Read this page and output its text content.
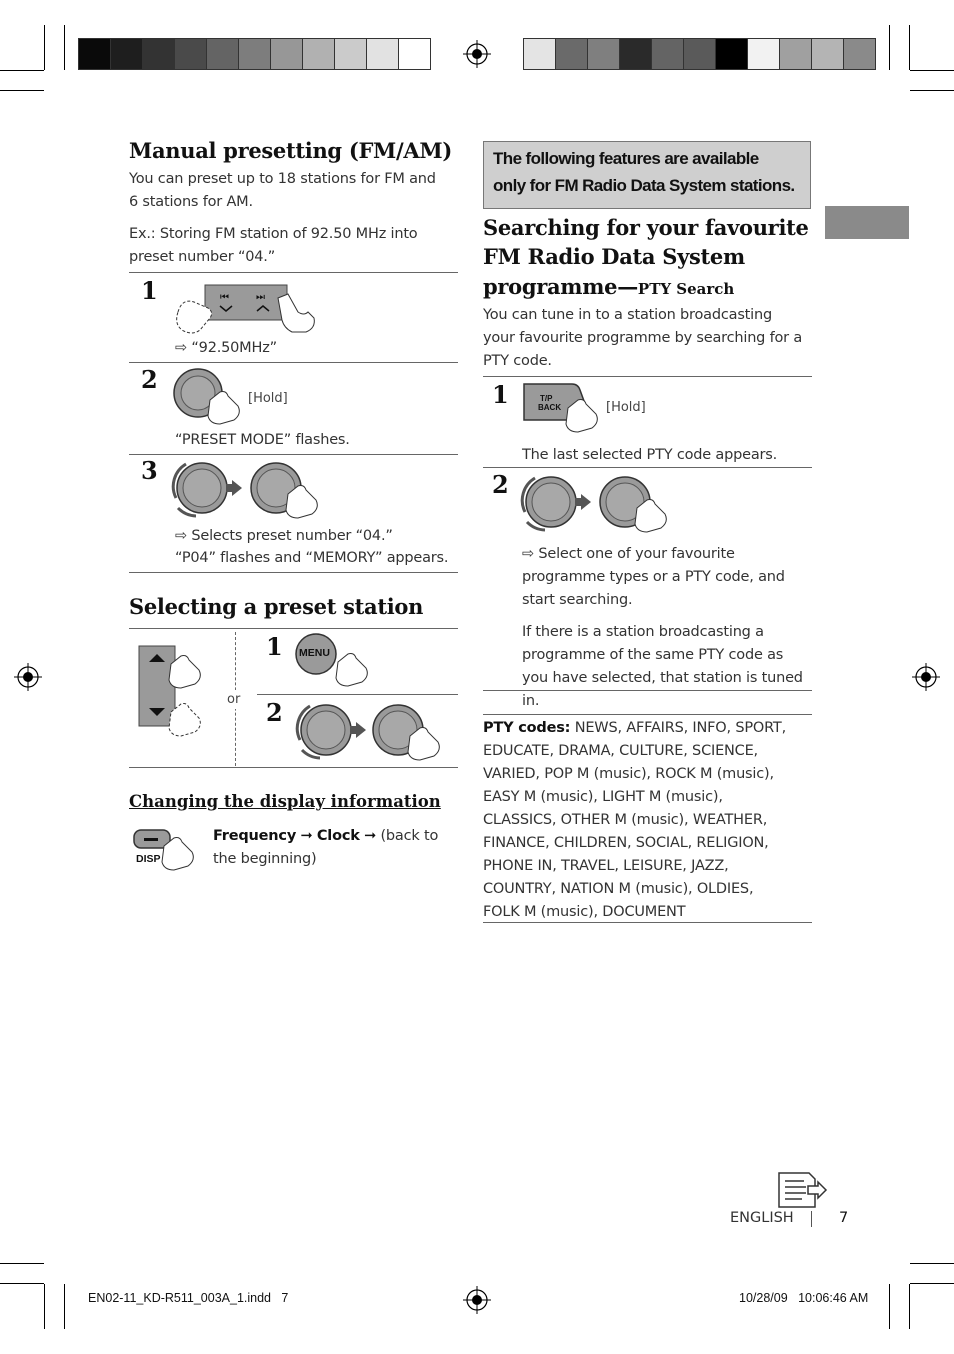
Manual presetting (FM/AM)
You can preset up to 18 stations for FM and 6 stations for AM.
Ex.: Storing FM station of 92.50 MHz into preset number “04.”
1	⏮	⏭
⇨ “92.50MHz”
2
[Hold]
“PRESET MODE” flashes.
3
⇨ Selects preset number “04.”
“P04” flashes and “MEMORY” appears.
Selecting a preset station
or
1 MENU
2
Changing the display information
DISP
Frequency ➞ Clock ➞ (back to the beginning)
The following features are available
only for FM Radio Data System stations.
Searching for your favourite
FM Radio Data System
programme—PTY Search
You can tune in to a station broadcasting your favourite programme by searching for a PTY code.
1	T/P
BACK	[Hold]
The last selected PTY code appears.
2
⇨ Select one of your favourite programme types or a PTY code, and start searching.
If there is a station broadcasting a programme of the same PTY code as you have selected, that station is tuned in.
PTY codes: NEWS, AFFAIRS, INFO, SPORT, EDUCATE, DRAMA, CULTURE, SCIENCE, VARIED, POP M (music), ROCK M (music), EASY M (music), LIGHT M (music), CLASSICS, OTHER M (music), WEATHER, FINANCE, CHILDREN, SOCIAL, RELIGION, PHONE IN, TRAVEL, LEISURE, JAZZ, COUNTRY, NATION M (music), OLDIES, FOLK M (music), DOCUMENT
ENGLISH	7
EN02-11_KD-R511_003A_1.indd   7	10/28/09   10:06:46 AM
